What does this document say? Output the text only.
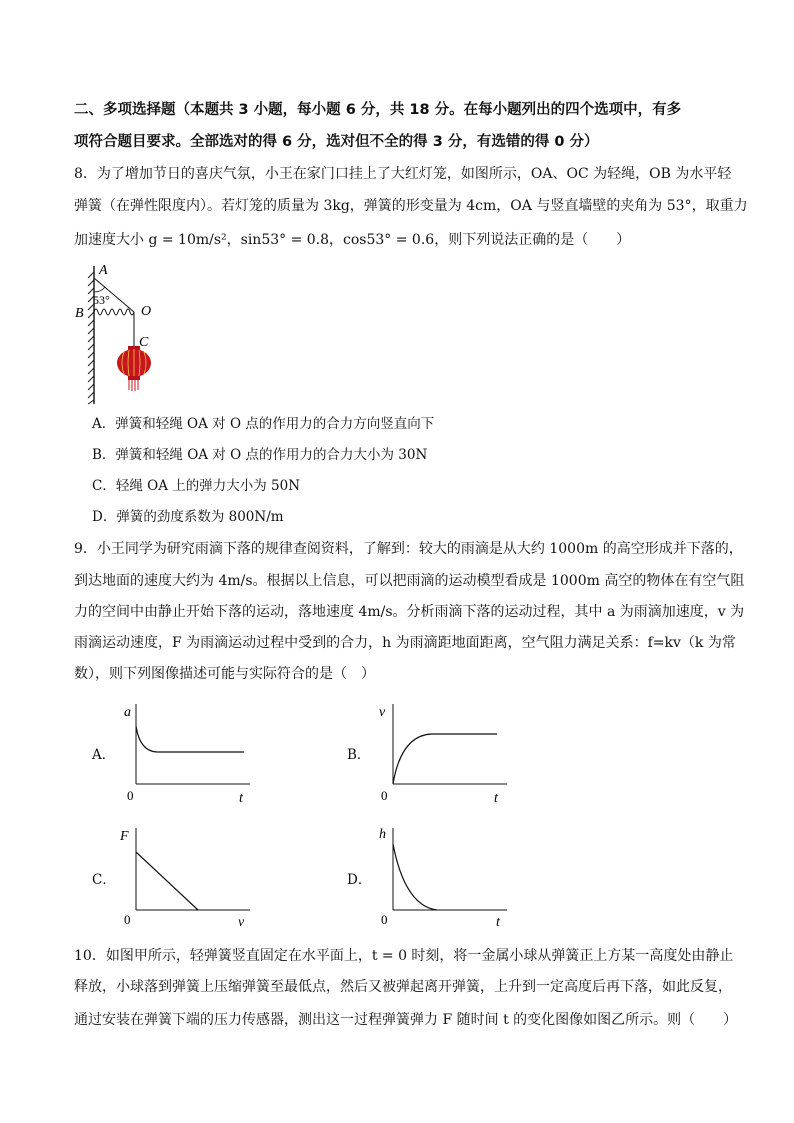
二、多项选择题（本题共 3 小题，每小题 6 分，共 18 分。在每小题列出的四个选项中，有多
项符合题目要求。全部选对的得 6 分，选对但不全的得 3 分，有选错的得 0 分）
8．为了增加节日的喜庆气氛，小王在家门口挂上了大红灯笼，如图所示，OA、OC 为轻绳，OB 为水平轻
弹簧（在弹性限度内）。若灯笼的质量为 3kg，弹簧的形变量为 4cm，OA 与竖直墙壁的夹角为 53°，取重力
加速度大小 g = 10m/s²，sin53° = 0.8，cos53° = 0.6，则下列说法正确的是（　　）
A
53°
B	O
C
A．弹簧和轻绳 OA 对 O 点的作用力的合力方向竖直向下
B．弹簧和轻绳 OA 对 O 点的作用力的合力大小为 30N
C．轻绳 OA 上的弹力大小为 50N
D．弹簧的劲度系数为 800N/m
9．小王同学为研究雨滴下落的规律查阅资料，了解到：较大的雨滴是从大约 1000m 的高空形成并下落的，
到达地面的速度大约为 4m/s。根据以上信息，可以把雨滴的运动模型看成是 1000m 高空的物体在有空气阻
力的空间中由静止开始下落的运动，落地速度 4m/s。分析雨滴下落的运动过程，其中 a 为雨滴加速度，v 为
雨滴运动速度，F 为雨滴运动过程中受到的合力，h 为雨滴距地面距离，空气阻力满足关系：f=kv（k 为常
数），则下列图像描述可能与实际符合的是（　）
A．
a
t
0
B．
v
t
0
C．
F
v
0
D．
h
t
0
10．如图甲所示，轻弹簧竖直固定在水平面上，t = 0 时刻，将一金属小球从弹簧正上方某一高度处由静止
释放，小球落到弹簧上压缩弹簧至最低点，然后又被弹起离开弹簧，上升到一定高度后再下落，如此反复，
通过安装在弹簧下端的压力传感器，测出这一过程弹簧弹力 F 随时间 t 的变化图像如图乙所示。则（　　）
